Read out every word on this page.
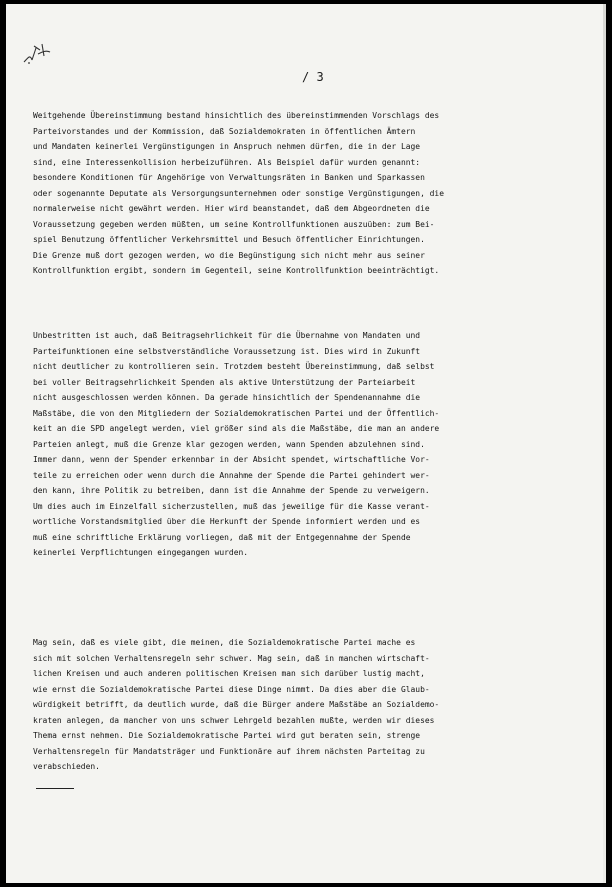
/ 3
Weitgehende Übereinstimmung bestand hinsichtlich des übereinstimmenden Vorschlags des
Parteivorstandes und der Kommission, daß Sozialdemokraten in öffentlichen Ämtern
und Mandaten keinerlei Vergünstigungen in Anspruch nehmen dürfen, die in der Lage
sind, eine Interessenkollision herbeizuführen. Als Beispiel dafür wurden genannt:
besondere Konditionen für Angehörige von Verwaltungsräten in Banken und Sparkassen
oder sogenannte Deputate als Versorgungsunternehmen oder sonstige Vergünstigungen, die
normalerweise nicht gewährt werden. Hier wird beanstandet, daß dem Abgeordneten die
Voraussetzung gegeben werden müßten, um seine Kontrollfunktionen auszuüben: zum Bei-
spiel Benutzung öffentlicher Verkehrsmittel und Besuch öffentlicher Einrichtungen.
Die Grenze muß dort gezogen werden, wo die Begünstigung sich nicht mehr aus seiner
Kontrollfunktion ergibt, sondern im Gegenteil, seine Kontrollfunktion beeinträchtigt.
Unbestritten ist auch, daß Beitragsehrlichkeit für die Übernahme von Mandaten und
Parteifunktionen eine selbstverständliche Voraussetzung ist. Dies wird in Zukunft
nicht deutlicher zu kontrollieren sein. Trotzdem besteht Übereinstimmung, daß selbst
bei voller Beitragsehrlichkeit Spenden als aktive Unterstützung der Parteiarbeit
nicht ausgeschlossen werden können. Da gerade hinsichtlich der Spendenannahme die
Maßstäbe, die von den Mitgliedern der Sozialdemokratischen Partei und der Öffentlich-
keit an die SPD angelegt werden, viel größer sind als die Maßstäbe, die man an andere
Parteien anlegt, muß die Grenze klar gezogen werden, wann Spenden abzulehnen sind.
Immer dann, wenn der Spender erkennbar in der Absicht spendet, wirtschaftliche Vor-
teile zu erreichen oder wenn durch die Annahme der Spende die Partei gehindert wer-
den kann, ihre Politik zu betreiben, dann ist die Annahme der Spende zu verweigern.
Um dies auch im Einzelfall sicherzustellen, muß das jeweilige für die Kasse verant-
wortliche Vorstandsmitglied über die Herkunft der Spende informiert werden und es
muß eine schriftliche Erklärung vorliegen, daß mit der Entgegennahme der Spende
keinerlei Verpflichtungen eingegangen wurden.
Mag sein, daß es viele gibt, die meinen, die Sozialdemokratische Partei mache es
sich mit solchen Verhaltensregeln sehr schwer. Mag sein, daß in manchen wirtschaft-
lichen Kreisen und auch anderen politischen Kreisen man sich darüber lustig macht,
wie ernst die Sozialdemokratische Partei diese Dinge nimmt. Da dies aber die Glaub-
würdigkeit betrifft, da deutlich wurde, daß die Bürger andere Maßstäbe an Sozialdemo-
kraten anlegen, da mancher von uns schwer Lehrgeld bezahlen mußte, werden wir dieses
Thema ernst nehmen. Die Sozialdemokratische Partei wird gut beraten sein, strenge
Verhaltensregeln für Mandatsträger und Funktionäre auf ihrem nächsten Parteitag zu
verabschieden.
